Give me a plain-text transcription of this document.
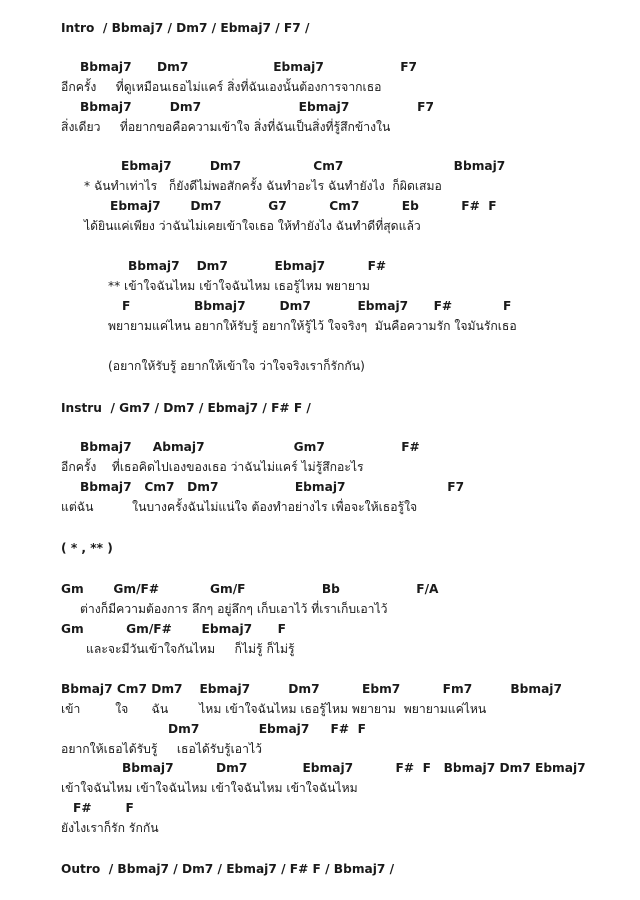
Intro  / Bbmaj7 / Dm7 / Ebmaj7 / F7 /
Bbmaj7      Dm7                    Ebmaj7                  F7
อีกครั้ง     ที่ดูเหมือนเธอไม่แคร์ สิ่งที่ฉันเองนั้นต้องการจากเธอ
Bbmaj7         Dm7                       Ebmaj7                F7
สิ่งเดียว     ที่อยากขอคือความเข้าใจ สิ่งที่ฉันเป็นสิ่งที่รู้สึกข้างใน
Ebmaj7         Dm7                 Cm7                          Bbmaj7
* ฉันทำเท่าไร   ก็ยังดีไม่พอสักครั้ง ฉันทำอะไร ฉันทำยังไง  ก็ผิดเสมอ
Ebmaj7       Dm7           G7          Cm7          Eb          F#  F
ได้ยินแค่เพียง ว่าฉันไม่เคยเข้าใจเธอ ให้ทำยังไง ฉันทำดีที่สุดแล้ว
Bbmaj7    Dm7           Ebmaj7          F#
** เข้าใจฉันไหม เข้าใจฉันไหม เธอรู้ไหม พยายาม
F               Bbmaj7        Dm7           Ebmaj7      F#            F
พยายามแค่ไหน อยากให้รับรู้ อยากให้รู้ไว้ ใจจริงๆ  มันคือความรัก ใจมันรักเธอ
(อยากให้รับรู้ อยากให้เข้าใจ ว่าใจจริงเราก็รักกัน)
Instru  / Gm7 / Dm7 / Ebmaj7 / F# F /
Bbmaj7     Abmaj7                     Gm7                  F#
อีกครั้ง    ที่เธอคิดไปเองของเธอ ว่าฉันไม่แคร์ ไม่รู้สึกอะไร
Bbmaj7   Cm7   Dm7                  Ebmaj7                        F7
แต่ฉัน          ในบางครั้งฉันไม่แน่ใจ ต้องทำอย่างไร เพื่อจะให้เธอรู้ใจ
( * , ** )
Gm       Gm/F#            Gm/F                  Bb                  F/A
ต่างก็มีความต้องการ ลึกๆ อยู่ลึกๆ เก็บเอาไว้ ที่เราเก็บเอาไว้
Gm          Gm/F#       Ebmaj7      F
และจะมีวันเข้าใจกันไหม     ก็ไม่รู้ ก็ไม่รู้
Bbmaj7 Cm7 Dm7    Ebmaj7         Dm7          Ebm7          Fm7         Bbmaj7
เข้า         ใจ      ฉัน        ไหม เข้าใจฉันไหม เธอรู้ไหม พยายาม  พยายามแค่ไหน
Dm7              Ebmaj7     F#  F
อยากให้เธอได้รับรู้     เธอได้รับรู้เอาไว้
Bbmaj7          Dm7             Ebmaj7          F#  F   Bbmaj7 Dm7 Ebmaj7
เข้าใจฉันไหม เข้าใจฉันไหม เข้าใจฉันไหม เข้าใจฉันไหม
F#        F
ยังไงเราก็รัก รักกัน
Outro  / Bbmaj7 / Dm7 / Ebmaj7 / F# F / Bbmaj7 /
